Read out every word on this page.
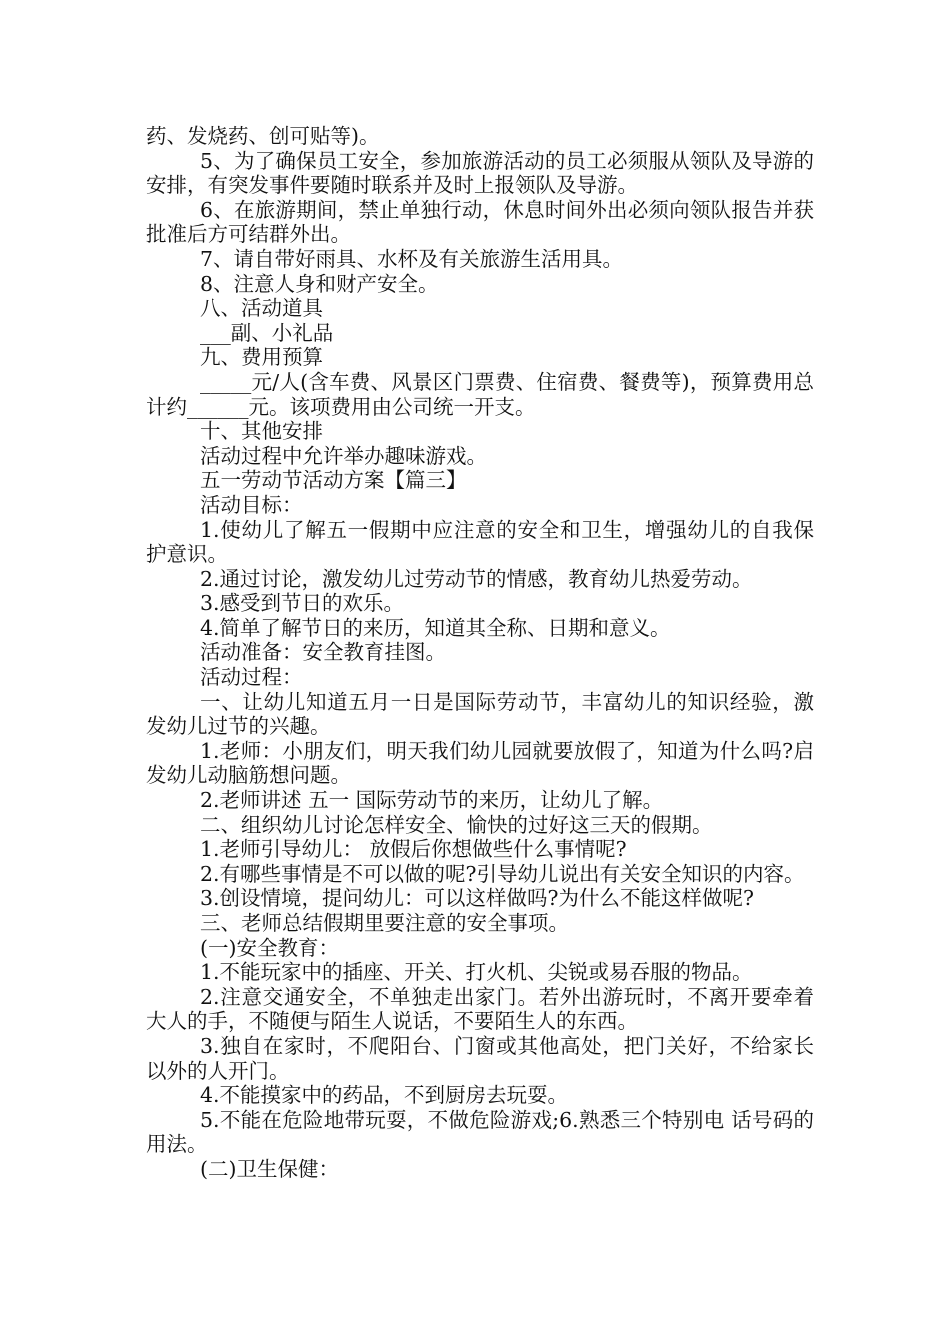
药、发烧药、创可贴等)。

5、为了确保员工安全，参加旅游活动的员工必须服从领队及导游的安排，有突发事件要随时联系并及时上报领队及导游。

6、在旅游期间，禁止单独行动，休息时间外出必须向领队报告并获批准后方可结群外出。

7、请自带好雨具、水杯及有关旅游生活用具。

8、注意人身和财产安全。

八、活动道具

___副、小礼品

九、费用预算

_____元/人(含车费、风景区门票费、住宿费、餐费等)，预算费用总计约______元。该项费用由公司统一开支。

十、其他安排

活动过程中允许举办趣味游戏。

五一劳动节活动方案【篇三】

活动目标：

1.使幼儿了解五一假期中应注意的安全和卫生，增强幼儿的自我保护意识。

2.通过讨论，激发幼儿过劳动节的情感，教育幼儿热爱劳动。

3.感受到节日的欢乐。

4.简单了解节日的来历，知道其全称、日期和意义。

活动准备：安全教育挂图。

活动过程：

一、让幼儿知道五月一日是国际劳动节，丰富幼儿的知识经验，激发幼儿过节的兴趣。

1.老师：小朋友们，明天我们幼儿园就要放假了，知道为什么吗?启发幼儿动脑筋想问题。

2.老师讲述 五一 国际劳动节的来历，让幼儿了解。

二、组织幼儿讨论怎样安全、愉快的过好这三天的假期。

1.老师引导幼儿： 放假后你想做些什么事情呢?

2.有哪些事情是不可以做的呢?引导幼儿说出有关安全知识的内容。

3.创设情境，提问幼儿：可以这样做吗?为什么不能这样做呢?

三、老师总结假期里要注意的安全事项。

(一)安全教育：

1.不能玩家中的插座、开关、打火机、尖锐或易吞服的物品。

2.注意交通安全，不单独走出家门。若外出游玩时，不离开要牵着大人的手，不随便与陌生人说话，不要陌生人的东西。

3.独自在家时，不爬阳台、门窗或其他高处，把门关好，不给家长以外的人开门。

4.不能摸家中的药品，不到厨房去玩耍。

5.不能在危险地带玩耍，不做危险游戏;6.熟悉三个特别电 话号码的用法。

(二)卫生保健：
